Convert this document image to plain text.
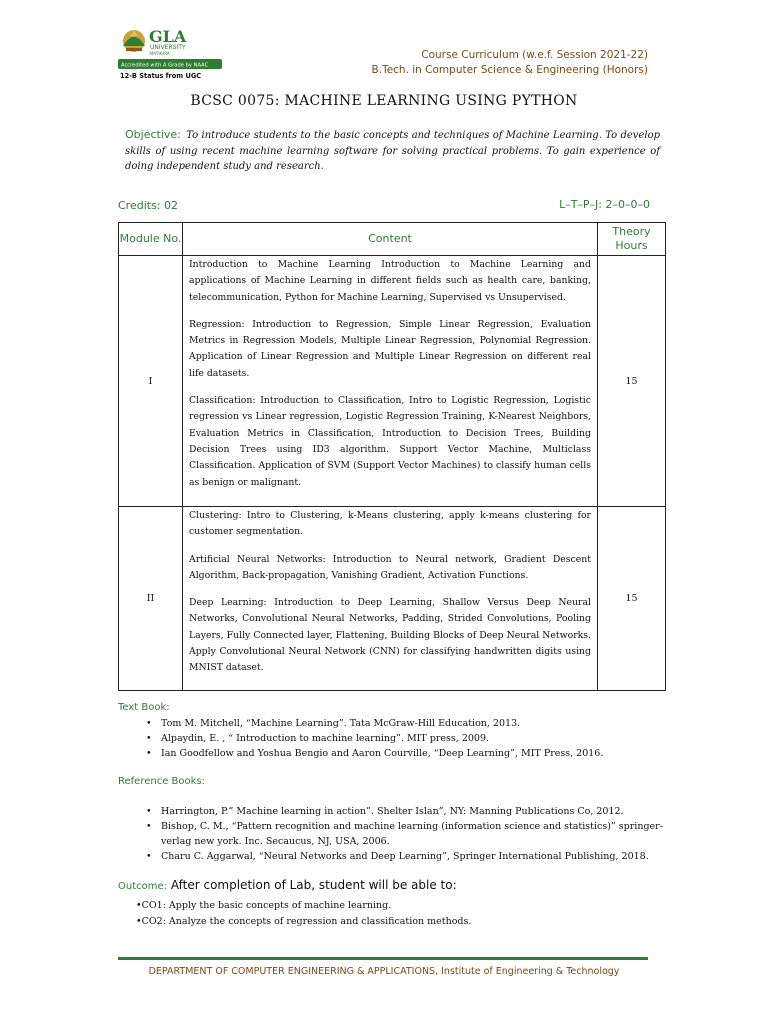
GLA
UNIVERSITY
MATHURA
Accredited with A Grade by NAAC
12-B Status from UGC
Course Curriculum (w.e.f. Session 2021-22)
B.Tech. in Computer Science & Engineering (Honors)
BCSC 0075: MACHINE LEARNING USING PYTHON
Objective: To introduce students to the basic concepts and techniques of Machine Learning. To develop skills of using recent machine learning software for solving practical problems. To gain experience of doing independent study and research.
Credits: 02	L–T–P–J: 2–0–0–0
Module No.	Content	Theory Hours
I	Introduction to Machine Learning Introduction to Machine Learning and applications of Machine Learning in different fields such as health care, banking, telecommunication, Python for Machine Learning, Supervised vs Unsupervised.

Regression: Introduction to Regression, Simple Linear Regression, Evaluation Metrics in Regression Models, Multiple Linear Regression, Polynomial Regression. Application of Linear Regression and Multiple Linear Regression on different real life datasets.

Classification: Introduction to Classification, Intro to Logistic Regression, Logistic regression vs Linear regression, Logistic Regression Training, K-Nearest Neighbors, Evaluation Metrics in Classification, Introduction to Decision Trees, Building Decision Trees using ID3 algorithm. Support Vector Machine, Multiclass Classification. Application of SVM (Support Vector Machines) to classify human cells as benign or malignant.	15
II	Clustering: Intro to Clustering, k-Means clustering, apply k-means clustering for customer segmentation.

Artificial Neural Networks: Introduction to Neural network, Gradient Descent Algorithm, Back-propagation, Vanishing Gradient, Activation Functions.

Deep Learning: Introduction to Deep Learning, Shallow Versus Deep Neural Networks, Convolutional Neural Networks, Padding, Strided Convolutions, Pooling Layers, Fully Connected layer, Flattening, Building Blocks of Deep Neural Networks. Apply Convolutional Neural Network (CNN) for classifying handwritten digits using MNIST dataset.	15
Text Book:
• Tom M. Mitchell, “Machine Learning”. Tata McGraw-Hill Education, 2013.
• Alpaydin, E. , “ Introduction to machine learning”. MIT press, 2009.
• Ian Goodfellow and Yoshua Bengio and Aaron Courville, “Deep Learning”, MIT Press, 2016.
Reference Books:
• Harrington, P.” Machine learning in action”. Shelter Islan”, NY: Manning Publications Co, 2012.
• Bishop, C. M., “Pattern recognition and machine learning (information science and statistics)” springer-verlag new york. Inc. Secaucus, NJ, USA, 2006.
• Charu C. Aggarwal, “Neural Networks and Deep Learning”, Springer International Publishing, 2018.
Outcome: After completion of Lab, student will be able to:
• CO1: Apply the basic concepts of machine learning.
• CO2: Analyze the concepts of regression and classification methods.
DEPARTMENT OF COMPUTER ENGINEERING & APPLICATIONS, Institute of Engineering & Technology
